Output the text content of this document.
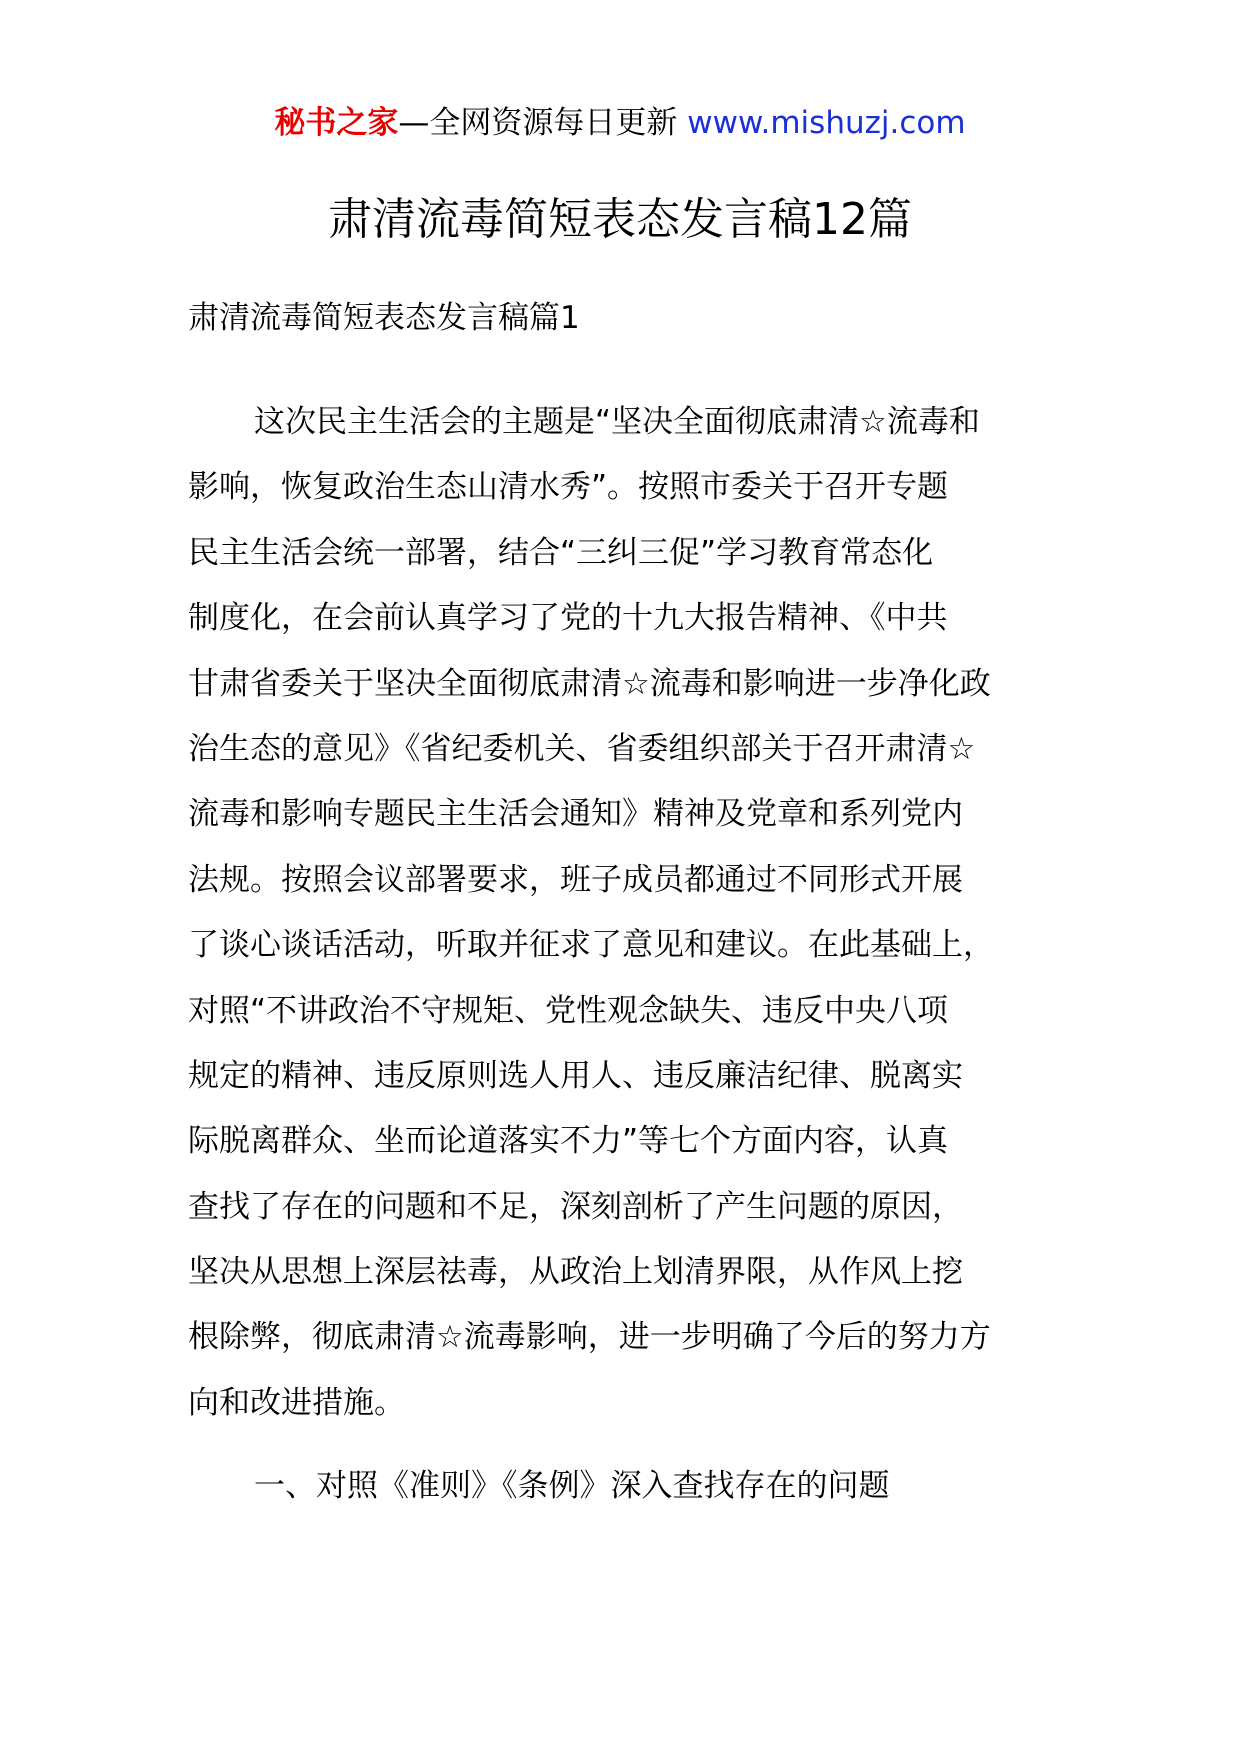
秘书之家—全网资源每日更新 www.mishuzj.com
肃清流毒简短表态发言稿12篇
肃清流毒简短表态发言稿篇1
这次民主生活会的主题是“坚决全面彻底肃清☆流毒和
影响，恢复政治生态山清水秀”。按照市委关于召开专题
民主生活会统一部署，结合“三纠三促”学习教育常态化
制度化，在会前认真学习了党的十九大报告精神、《中共
甘肃省委关于坚决全面彻底肃清☆流毒和影响进一步净化政
治生态的意见》《省纪委机关、省委组织部关于召开肃清☆
流毒和影响专题民主生活会通知》精神及党章和系列党内
法规。按照会议部署要求，班子成员都通过不同形式开展
了谈心谈话活动，听取并征求了意见和建议。在此基础上，
对照“不讲政治不守规矩、党性观念缺失、违反中央八项
规定的精神、违反原则选人用人、违反廉洁纪律、脱离实
际脱离群众、坐而论道落实不力”等七个方面内容，认真
查找了存在的问题和不足，深刻剖析了产生问题的原因，
坚决从思想上深层祛毒，从政治上划清界限，从作风上挖
根除弊，彻底肃清☆流毒影响，进一步明确了今后的努力方
向和改进措施。
一、对照《准则》《条例》深入查找存在的问题
